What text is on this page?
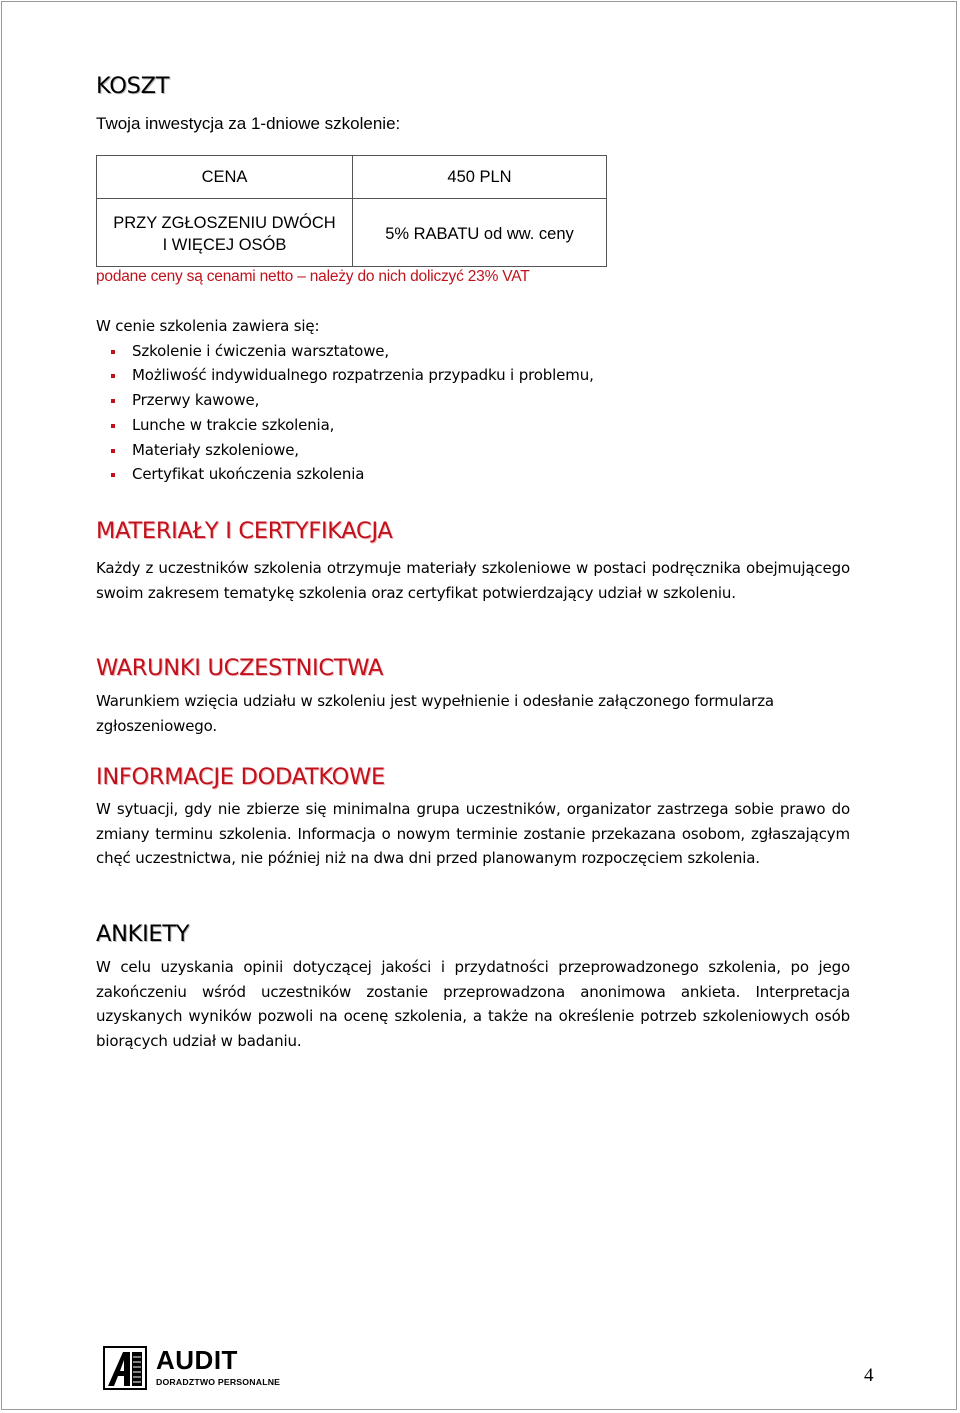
KOSZT
Twoja inwestycja za 1-dniowe szkolenie:
CENA	450 PLN
PRZY ZGŁOSZENIU DWÓCH
I WIĘCEJ OSÓB	5% RABATU od ww. ceny
podane ceny są cenami netto – należy do nich doliczyć 23% VAT
W cenie szkolenia zawiera się:
Szkolenie i ćwiczenia warsztatowe,
Możliwość indywidualnego rozpatrzenia przypadku i problemu,
Przerwy kawowe,
Lunche w trakcie szkolenia,
Materiały szkoleniowe,
Certyfikat ukończenia szkolenia
MATERIAŁY I CERTYFIKACJA
Każdy z uczestników szkolenia otrzymuje materiały szkoleniowe w postaci podręcznika obejmującego swoim zakresem tematykę szkolenia oraz certyfikat potwierdzający udział w szkoleniu.
WARUNKI UCZESTNICTWA
Warunkiem wzięcia udziału w szkoleniu jest wypełnienie i odesłanie załączonego formularza zgłoszeniowego.
INFORMACJE DODATKOWE
W sytuacji, gdy nie zbierze się minimalna grupa uczestników, organizator zastrzega sobie prawo do zmiany terminu szkolenia. Informacja o nowym terminie zostanie przekazana osobom, zgłaszającym chęć uczestnictwa, nie później niż na dwa dni przed planowanym rozpoczęciem szkolenia.
ANKIETY
W celu uzyskania opinii dotyczącej jakości i przydatności przeprowadzonego szkolenia, po jego zakończeniu wśród uczestników zostanie przeprowadzona anonimowa ankieta. Interpretacja uzyskanych wyników pozwoli na ocenę szkolenia, a także na określenie potrzeb szkoleniowych osób biorących udział w badaniu.
AUDIT
DORADZTWO PERSONALNE	4
